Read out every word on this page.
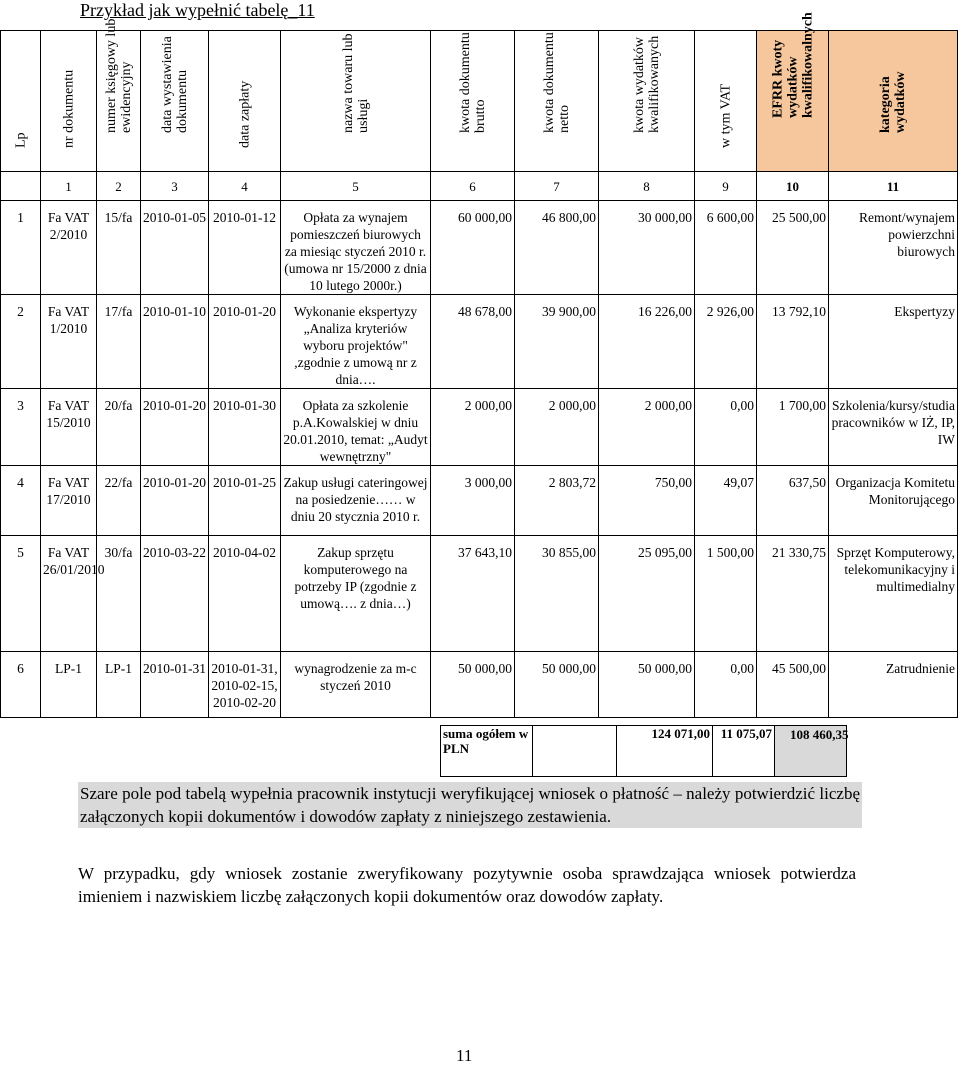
Przykład jak wypełnić tabelę_11
Lp	nr dokumentu	numer księgowy lub ewidencyjny	data wystawienia dokumentu	data zapłaty	nazwa towaru lub usługi	kwota dokumentu brutto	kwota dokumentu netto	kwota wydatków kwalifikowanych	w tym VAT	EFRR kwoty wydatków kwalifikowalnych	kategoria wydatków

	1	2	3	4	5	6	7	8	9	10	11
1	Fa VAT 2/2010	15/fa	2010-01-05	2010-01-12	Opłata za wynajem pomieszczeń biurowych za miesiąc styczeń 2010 r. (umowa nr 15/2000 z dnia 10 lutego 2000r.)	60 000,00	46 800,00	30 000,00	6 600,00	25 500,00	Remont/wynajem powierzchni biurowych
2	Fa VAT 1/2010	17/fa	2010-01-10	2010-01-20	Wykonanie ekspertyzy „Analiza kryteriów wyboru projektów" ,zgodnie z umową nr z dnia….	48 678,00	39 900,00	16 226,00	2 926,00	13 792,10	Ekspertyzy
3	Fa VAT 15/2010	20/fa	2010-01-20	2010-01-30	Opłata za szkolenie p.A.Kowalskiej w dniu 20.01.2010, temat: „Audyt wewnętrzny"	2 000,00	2 000,00	2 000,00	0,00	1 700,00	Szkolenia/kursy/studia pracowników w IŻ, IP, IW
4	Fa VAT 17/2010	22/fa	2010-01-20	2010-01-25	Zakup usługi cateringowej na posiedzenie…… w dniu 20 stycznia 2010 r.	3 000,00	2 803,72	750,00	49,07	637,50	Organizacja Komitetu Monitorującego
5	Fa VAT 26/01/2010	30/fa	2010-03-22	2010-04-02	Zakup sprzętu komputerowego na potrzeby IP (zgodnie z umową…. z dnia…)	37 643,10	30 855,00	25 095,00	1 500,00	21 330,75	Sprzęt Komputerowy, telekomunikacyjny i multimedialny
6	LP-1	LP-1	2010-01-31	2010-01-31, 2010-02-15, 2010-02-20	wynagrodzenie za m-c styczeń 2010	50 000,00	50 000,00	50 000,00	0,00	45 500,00	Zatrudnienie
suma ogółem w PLN		124 071,00	11 075,07	108 460,35
Szare pole pod tabelą wypełnia pracownik instytucji weryfikującej wniosek o płatność – należy potwierdzić liczbę załączonych kopii dokumentów i dowodów zapłaty z niniejszego zestawienia.
W przypadku, gdy wniosek zostanie zweryfikowany pozytywnie osoba sprawdzająca wniosek potwierdza imieniem i nazwiskiem liczbę załączonych kopii dokumentów oraz dowodów zapłaty.
11
